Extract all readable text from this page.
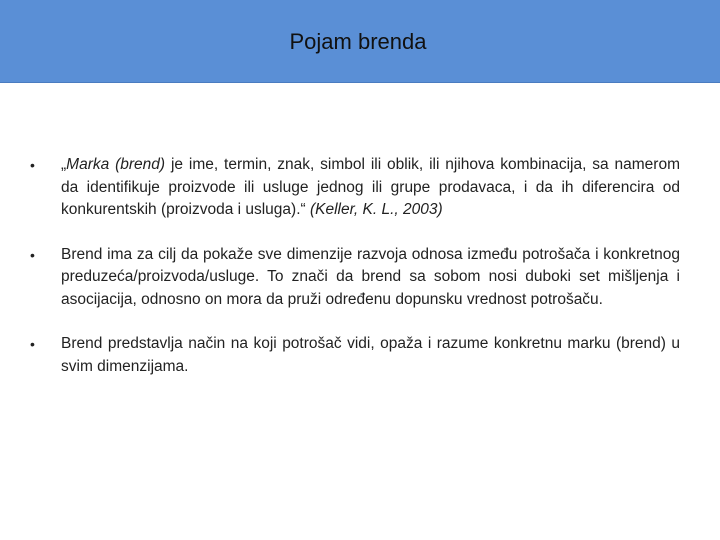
Pojam brenda
• „Marka (brend) je ime, termin, znak, simbol ili oblik, ili njihova kombinacija, sa namerom da identifikuje proizvode ili usluge jednog ili grupe prodavaca, i da ih diferencira od konkurentskih (proizvoda i usluga).“ (Keller, K. L., 2003)
• Brend ima za cilj da pokaže sve dimenzije razvoja odnosa između potrošača i konkretnog preduzeća/proizvoda/usluge. To znači da brend sa sobom nosi duboki set mišljenja i asocijacija, odnosno on mora da pruži određenu dopunsku vrednost potrošaču.
• Brend predstavlja način na koji potrošač vidi, opaža i razume konkretnu marku (brend) u svim dimenzijama.
